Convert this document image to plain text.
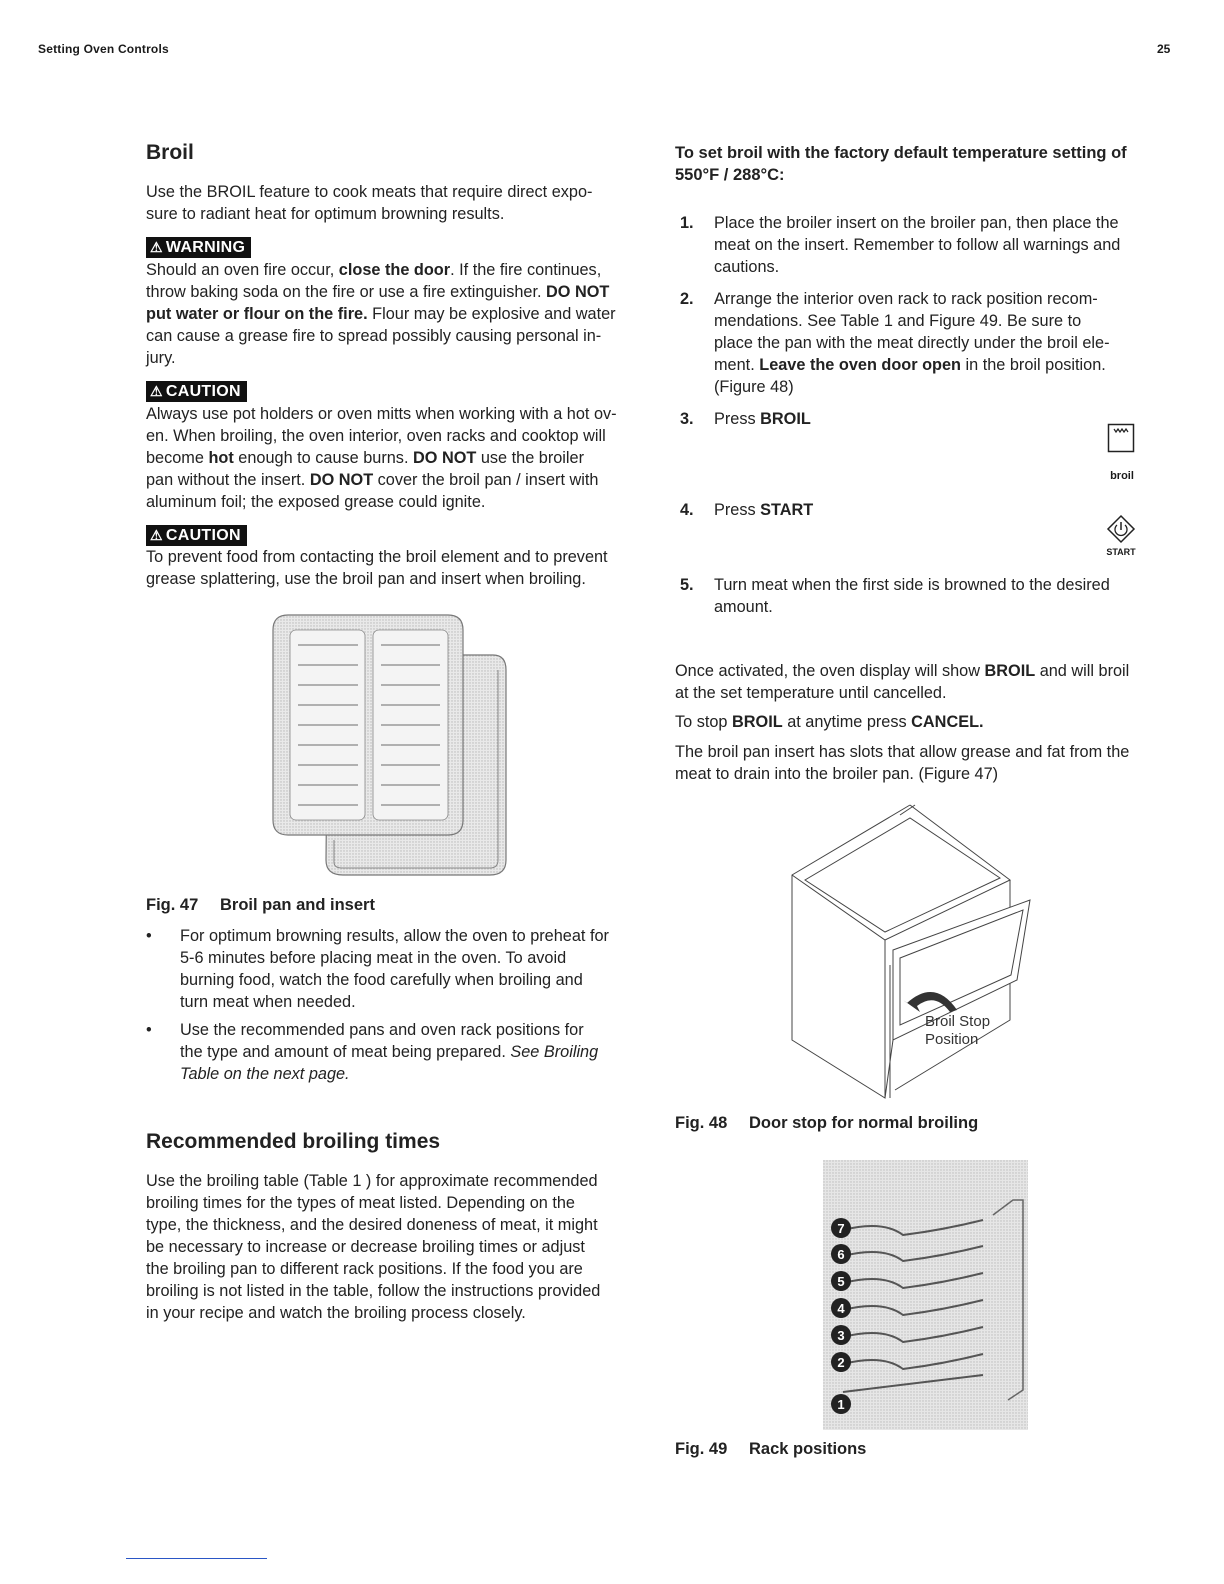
Setting Oven Controls	25
Broil
Use the BROIL feature to cook meats that require direct expo-
sure to radiant heat for optimum browning results.
⚠ WARNING
Should an oven fire occur, close the door. If the fire continues,
throw baking soda on the fire or use a fire extinguisher. DO NOT
put water or flour on the fire. Flour may be explosive and water
can cause a grease fire to spread possibly causing personal in-
jury.
⚠ CAUTION
Always use pot holders or oven mitts when working with a hot ov-
en. When broiling, the oven interior, oven racks and cooktop will
become hot enough to cause burns. DO NOT use the broiler
pan without the insert. DO NOT cover the broil pan / insert with
aluminum foil; the exposed grease could ignite.
⚠ CAUTION
To prevent food from contacting the broil element and to prevent
grease splattering, use the broil pan and insert when broiling.
Fig. 47 Broil pan and insert
• For optimum browning results, allow the oven to preheat for
5-6 minutes before placing meat in the oven. To avoid
burning food, watch the food carefully when broiling and
turn meat when needed.
• Use the recommended pans and oven rack positions for
the type and amount of meat being prepared. See Broiling
Table on the next page.
Recommended broiling times
Use the broiling table (Table 1 ) for approximate recommended
broiling times for the types of meat listed. Depending on the
type, the thickness, and the desired doneness of meat, it might
be necessary to increase or decrease broiling times or adjust
the broiling pan to different rack positions. If the food you are
broiling is not listed in the table, follow the instructions provided
in your recipe and watch the broiling process closely.
To set broil with the factory default temperature setting of
550°F / 288°C:
1. Place the broiler insert on the broiler pan, then place the
meat on the insert. Remember to follow all warnings and
cautions.
2. Arrange the interior oven rack to rack position recom-
mendations. See Table 1 and Figure 49. Be sure to
place the pan with the meat directly under the broil ele-
ment. Leave the oven door open in the broil position.
(Figure 48)
3. Press BROIL
4. Press START
5. Turn meat when the first side is browned to the desired
amount.
broil
START
Once activated, the oven display will show BROIL and will broil
at the set temperature until cancelled.
To stop BROIL at anytime press CANCEL.
The broil pan insert has slots that allow grease and fat from the
meat to drain into the broiler pan. (Figure 47)
Broil Stop
Position
Fig. 48 Door stop for normal broiling
7
6
5
4
3
2
1
Fig. 49 Rack positions
